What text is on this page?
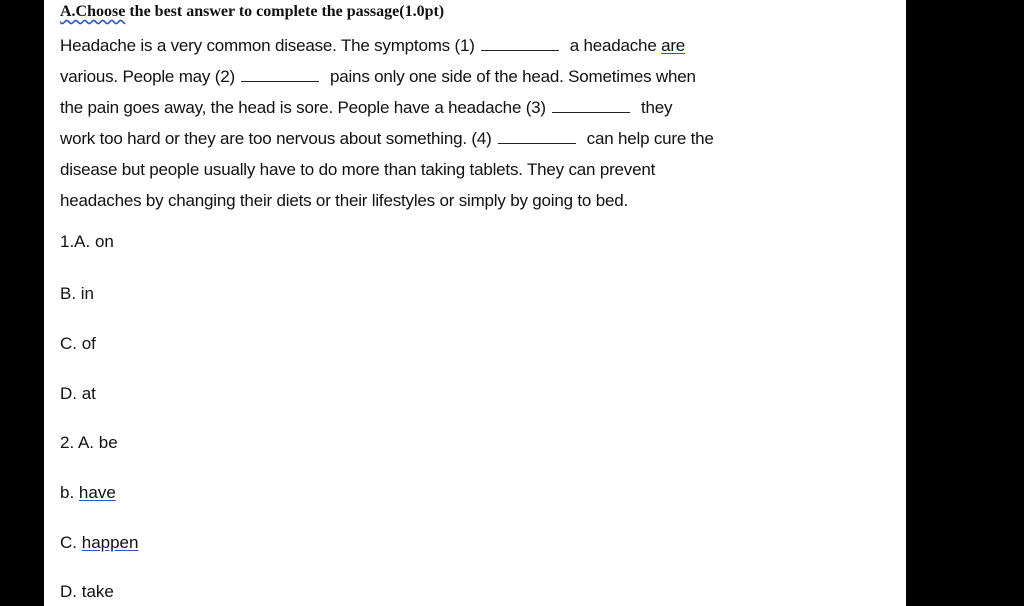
A.Choose the best answer to complete the passage(1.0pt)
Headache is a very common disease. The symptoms (1)	a headache are
various. People may (2)	pains only one side of the head. Sometimes when
the pain goes away, the head is sore. People have a headache (3)	they
work too hard or they are too nervous about something. (4)	can help cure the
disease but people usually have to do more than taking tablets. They can prevent
headaches by changing their diets or their lifestyles or simply by going to bed.
1.A. on
B. in
C. of
D. at
2. A. be
b. have
C. happen
D. take
